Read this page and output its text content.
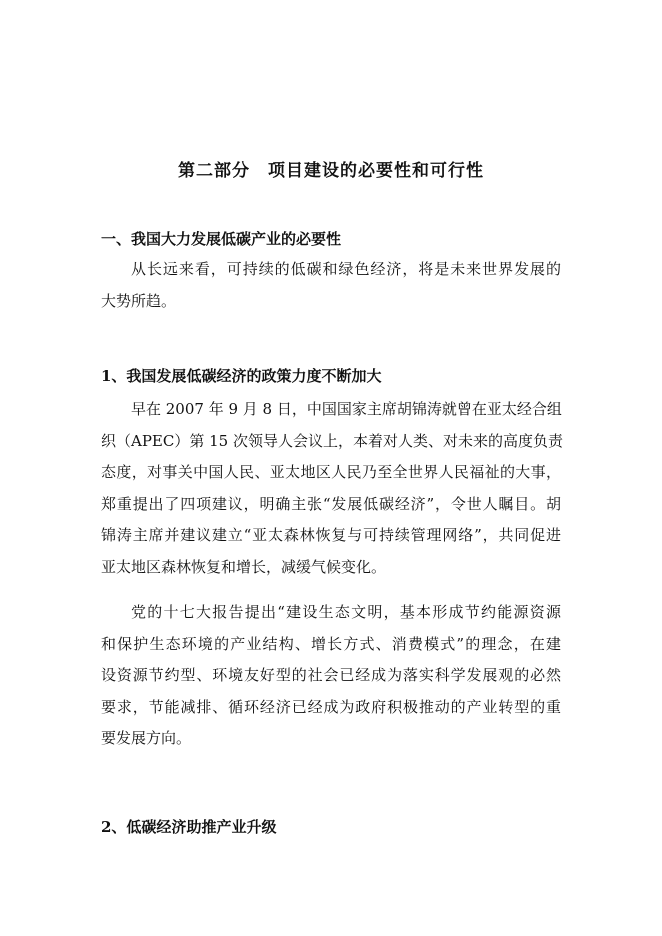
第二部分　项目建设的必要性和可行性
一、我国大力发展低碳产业的必要性
从长远来看，可持续的低碳和绿色经济，将是未来世界发展的
大势所趋。
1、我国发展低碳经济的政策力度不断加大
早在 2007 年 9 月 8 日，中国国家主席胡锦涛就曾在亚太经合组
织（APEC）第 15 次领导人会议上，本着对人类、对未来的高度负责
态度，对事关中国人民、亚太地区人民乃至全世界人民福祉的大事，
郑重提出了四项建议，明确主张“发展低碳经济”，令世人瞩目。胡
锦涛主席并建议建立“亚太森林恢复与可持续管理网络”，共同促进
亚太地区森林恢复和增长，减缓气候变化。
党的十七大报告提出“建设生态文明，基本形成节约能源资源
和保护生态环境的产业结构、增长方式、消费模式”的理念，在建
设资源节约型、环境友好型的社会已经成为落实科学发展观的必然
要求，节能减排、循环经济已经成为政府积极推动的产业转型的重
要发展方向。
2、低碳经济助推产业升级
